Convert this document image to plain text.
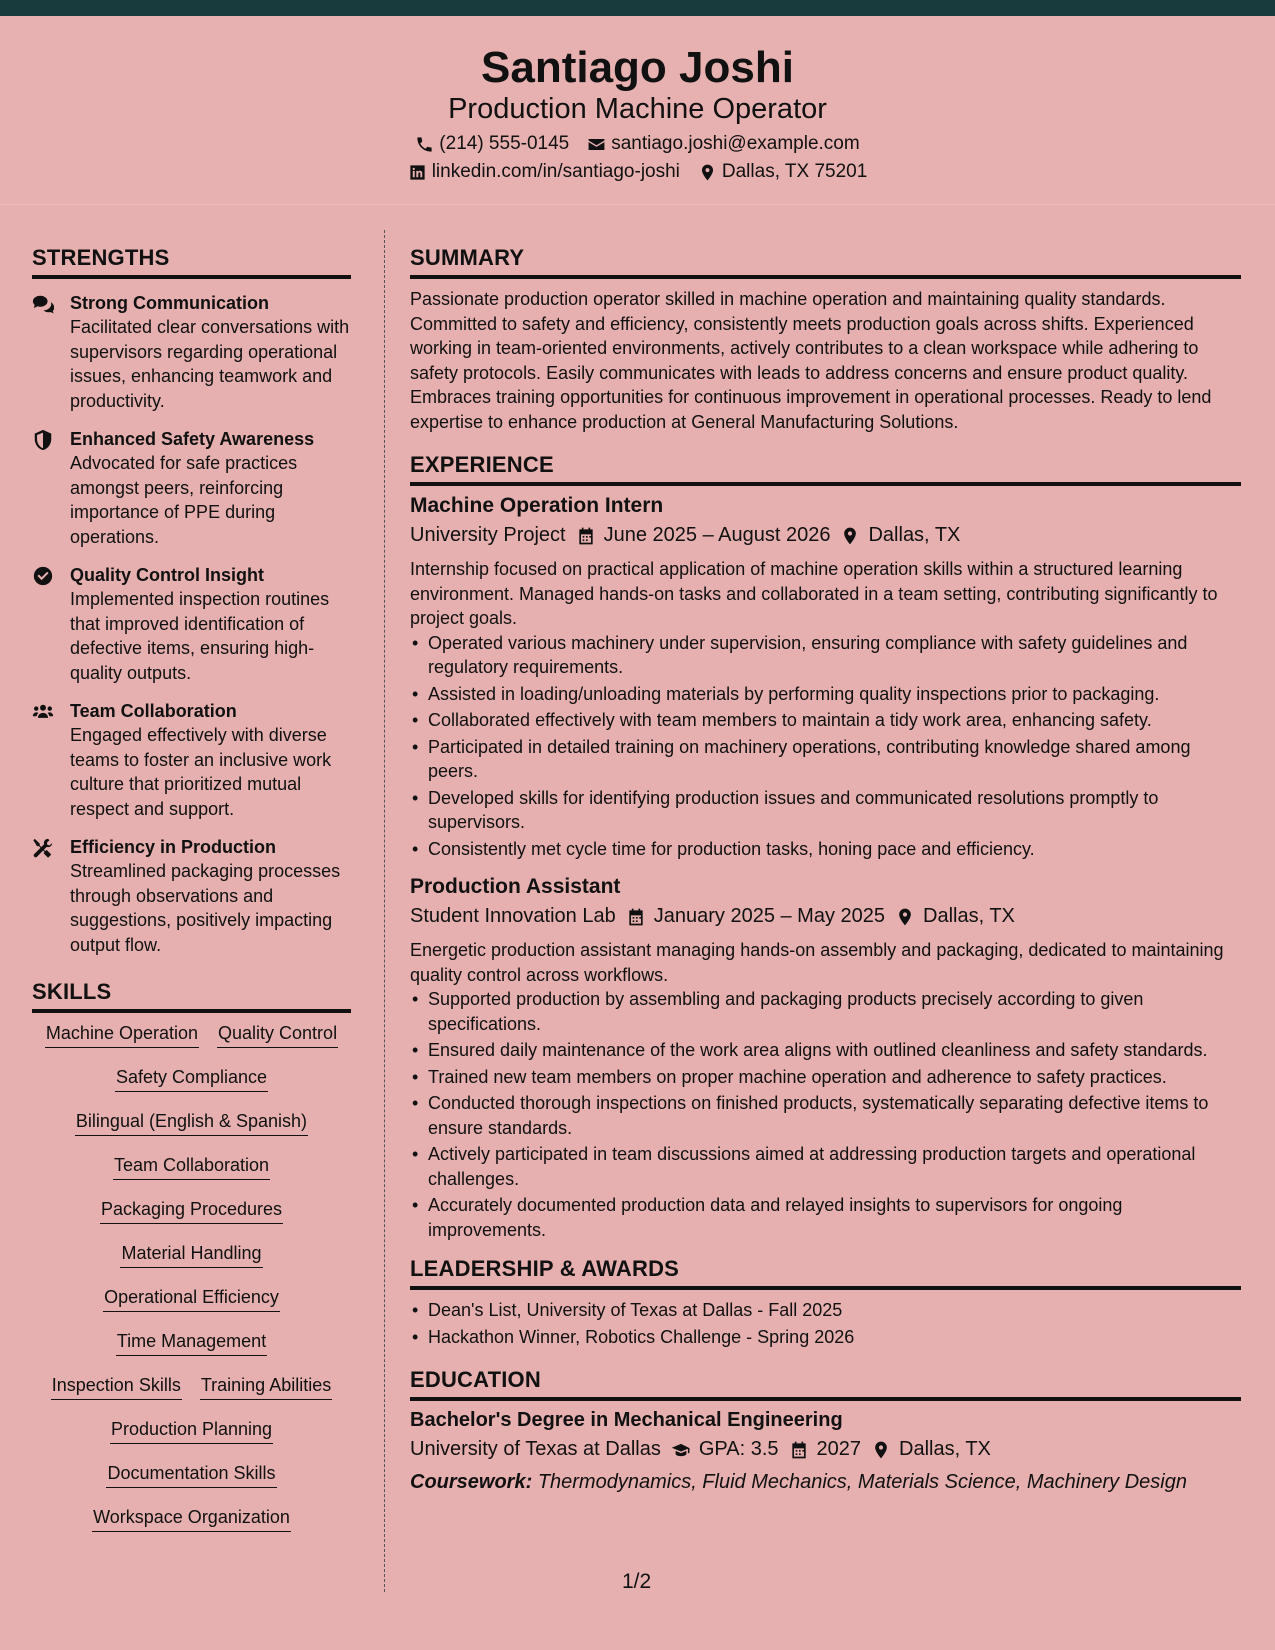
Santiago Joshi
Production Machine Operator
(214) 555-0145 santiago.joshi@example.com
linkedin.com/in/santiago-joshi Dallas, TX 75201
STRENGTHS
Strong Communication
Facilitated clear conversations with supervisors regarding operational issues, enhancing teamwork and productivity.
Enhanced Safety Awareness
Advocated for safe practices amongst peers, reinforcing importance of PPE during operations.
Quality Control Insight
Implemented inspection routines that improved identification of defective items, ensuring high-quality outputs.
Team Collaboration
Engaged effectively with diverse teams to foster an inclusive work culture that prioritized mutual respect and support.
Efficiency in Production
Streamlined packaging processes through observations and suggestions, positively impacting output flow.
SKILLS
Machine Operation Quality Control
Safety Compliance
Bilingual (English & Spanish)
Team Collaboration
Packaging Procedures
Material Handling
Operational Efficiency
Time Management
Inspection Skills Training Abilities
Production Planning
Documentation Skills
Workspace Organization
SUMMARY
Passionate production operator skilled in machine operation and maintaining quality standards. Committed to safety and efficiency, consistently meets production goals across shifts. Experienced working in team-oriented environments, actively contributes to a clean workspace while adhering to safety protocols. Easily communicates with leads to address concerns and ensure product quality. Embraces training opportunities for continuous improvement in operational processes. Ready to lend expertise to enhance production at General Manufacturing Solutions.
EXPERIENCE
Machine Operation Intern
University Project June 2025 – August 2026 Dallas, TX
Internship focused on practical application of machine operation skills within a structured learning environment. Managed hands-on tasks and collaborated in a team setting, contributing significantly to project goals.
• Operated various machinery under supervision, ensuring compliance with safety guidelines and regulatory requirements.
• Assisted in loading/unloading materials by performing quality inspections prior to packaging.
• Collaborated effectively with team members to maintain a tidy work area, enhancing safety.
• Participated in detailed training on machinery operations, contributing knowledge shared among peers.
• Developed skills for identifying production issues and communicated resolutions promptly to supervisors.
• Consistently met cycle time for production tasks, honing pace and efficiency.
Production Assistant
Student Innovation Lab January 2025 – May 2025 Dallas, TX
Energetic production assistant managing hands-on assembly and packaging, dedicated to maintaining quality control across workflows.
• Supported production by assembling and packaging products precisely according to given specifications.
• Ensured daily maintenance of the work area aligns with outlined cleanliness and safety standards.
• Trained new team members on proper machine operation and adherence to safety practices.
• Conducted thorough inspections on finished products, systematically separating defective items to ensure standards.
• Actively participated in team discussions aimed at addressing production targets and operational challenges.
• Accurately documented production data and relayed insights to supervisors for ongoing improvements.
LEADERSHIP & AWARDS
• Dean's List, University of Texas at Dallas - Fall 2025
• Hackathon Winner, Robotics Challenge - Spring 2026
EDUCATION
Bachelor's Degree in Mechanical Engineering
University of Texas at Dallas GPA: 3.5 2027 Dallas, TX
Coursework: Thermodynamics, Fluid Mechanics, Materials Science, Machinery Design
1/2
